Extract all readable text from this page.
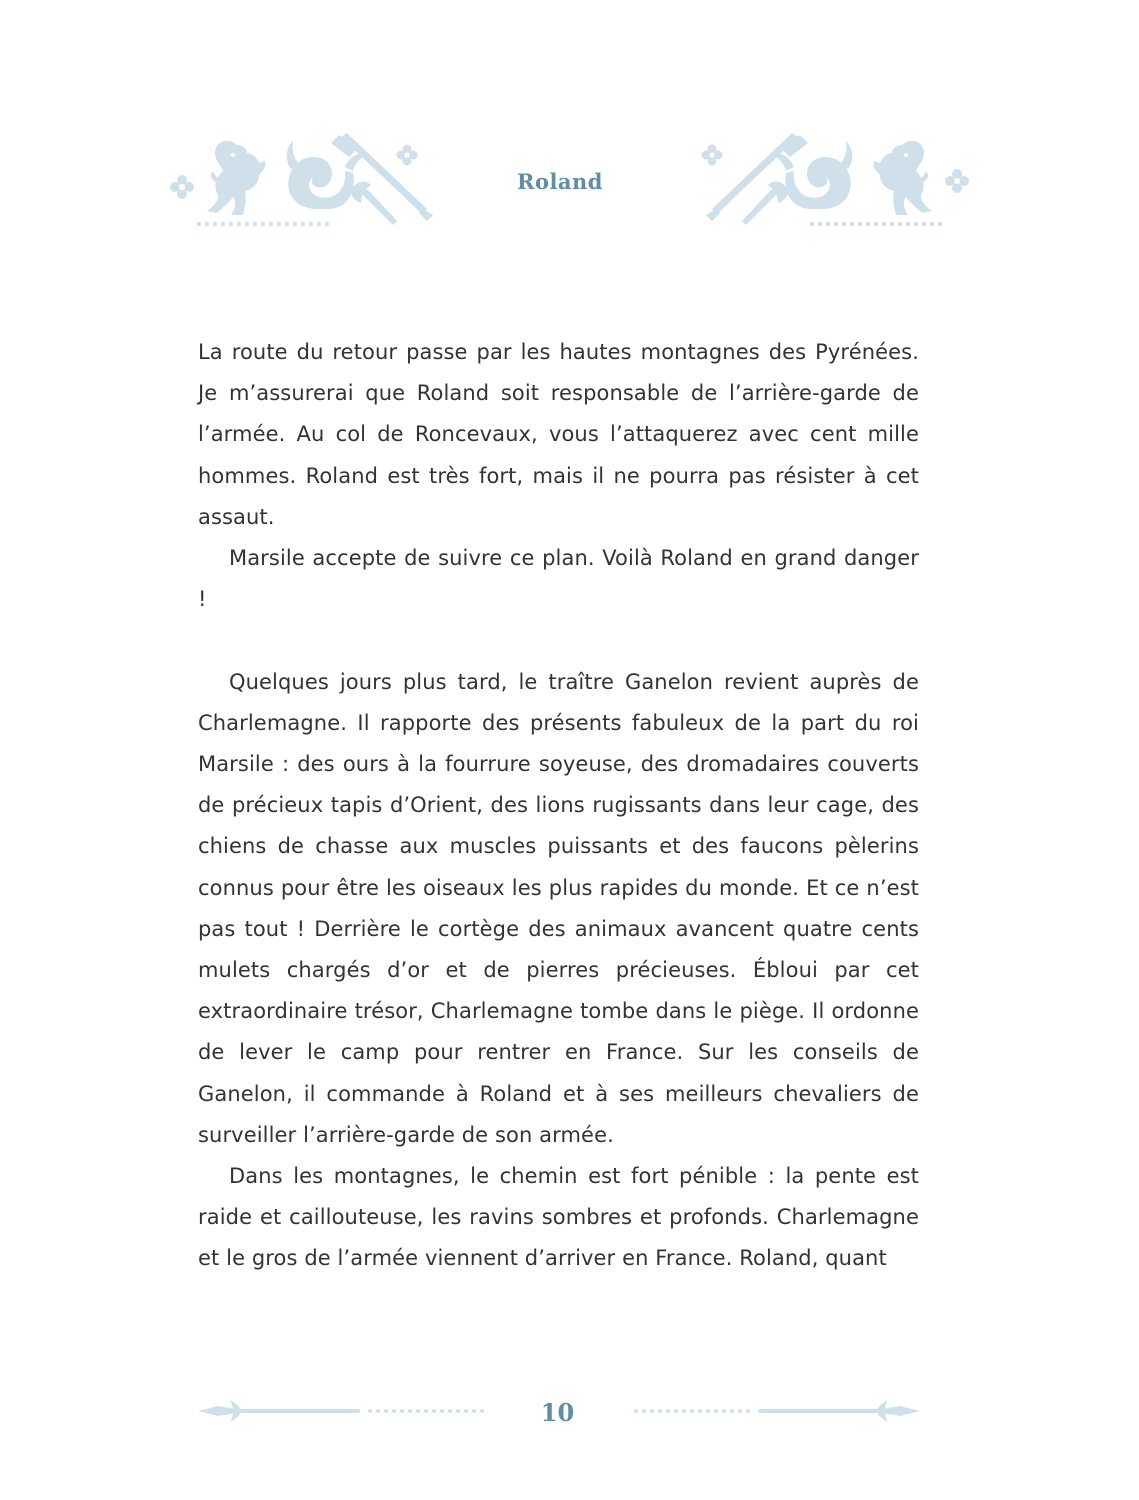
Roland

La route du retour passe par les hautes montagnes des Pyrénées. Je m’assurerai que Roland soit responsable de l’arrière-garde de l’armée. Au col de Roncevaux, vous l’attaquerez avec cent mille hommes. Roland est très fort, mais il ne pourra pas résister à cet assaut.

Marsile accepte de suivre ce plan. Voilà Roland en grand danger !

Quelques jours plus tard, le traître Ganelon revient auprès de Charlemagne. Il rapporte des présents fabuleux de la part du roi Marsile : des ours à la fourrure soyeuse, des dromadaires couverts de précieux tapis d’Orient, des lions rugissants dans leur cage, des chiens de chasse aux muscles puissants et des faucons pèlerins connus pour être les oiseaux les plus rapides du monde. Et ce n’est pas tout ! Derrière le cortège des animaux avancent quatre cents mulets chargés d’or et de pierres précieuses. Ébloui par cet extraordinaire trésor, Charlemagne tombe dans le piège. Il ordonne de lever le camp pour rentrer en France. Sur les conseils de Ganelon, il commande à Roland et à ses meilleurs chevaliers de surveiller l’arrière-garde de son armée.

Dans les montagnes, le chemin est fort pénible : la pente est raide et caillouteuse, les ravins sombres et profonds. Charlemagne et le gros de l’armée viennent d’arriver en France. Roland, quant

10
